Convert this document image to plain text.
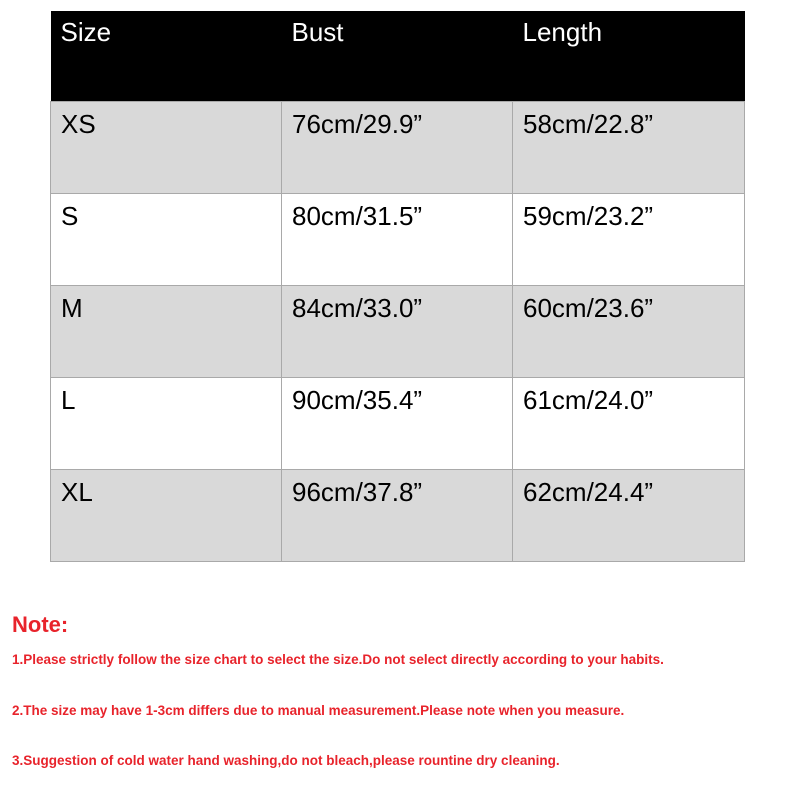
Size	Bust	Length
XS	76cm/29.9”	58cm/22.8”
S	80cm/31.5”	59cm/23.2”
M	84cm/33.0”	60cm/23.6”
L	90cm/35.4”	61cm/24.0”
XL	96cm/37.8”	62cm/24.4”

Note:

1.Please strictly follow the size chart to select the size.Do not select directly according to your habits.

2.The size may have 1-3cm differs due to manual measurement.Please note when you measure.

3.Suggestion of cold water hand washing,do not bleach,please rountine dry cleaning.
